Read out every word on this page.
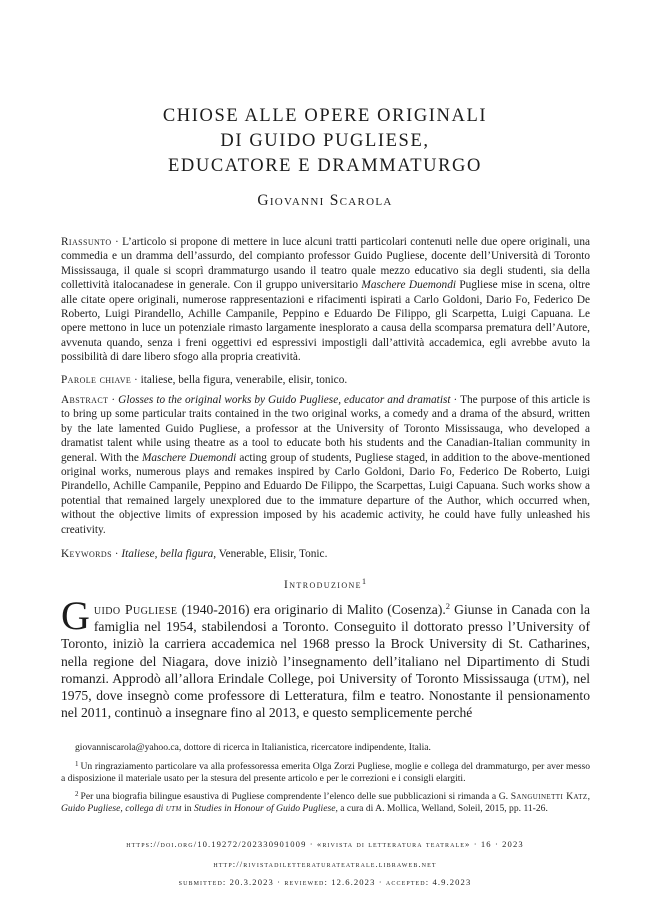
CHIOSE ALLE OPERE ORIGINALI
DI GUIDO PUGLIESE,
EDUCATORE E DRAMMATURGO
Giovanni Scarola
Riassunto · L’articolo si propone di mettere in luce alcuni tratti particolari contenuti nelle due opere originali, una commedia e un dramma dell’assurdo, del compianto professor Guido Pugliese, docente dell’Università di Toronto Mississauga, il quale si scoprì drammaturgo usando il teatro quale mezzo educativo sia degli studenti, sia della collettività italocanadese in generale. Con il gruppo universitario Maschere Duemondi Pugliese mise in scena, oltre alle citate opere originali, numerose rappresentazioni e rifacimenti ispirati a Carlo Goldoni, Dario Fo, Federico De Roberto, Luigi Pirandello, Achille Campanile, Peppino e Eduardo De Filippo, gli Scarpetta, Luigi Capuana. Le opere mettono in luce un potenziale rimasto largamente inesplorato a causa della scomparsa prematura dell’Autore, avvenuta quando, senza i freni oggettivi ed espressivi impostigli dall’attività accademica, egli avrebbe avuto la possibilità di dare libero sfogo alla propria creatività.
Parole chiave · italiese, bella figura, venerabile, elisir, tonico.
Abstract · Glosses to the original works by Guido Pugliese, educator and dramatist · The purpose of this article is to bring up some particular traits contained in the two original works, a comedy and a drama of the absurd, written by the late lamented Guido Pugliese, a professor at the University of Toronto Mississauga, who developed a dramatist talent while using theatre as a tool to educate both his students and the Canadian-Italian community in general. With the Maschere Duemondi acting group of students, Pugliese staged, in addition to the above-mentioned original works, numerous plays and remakes inspired by Carlo Goldoni, Dario Fo, Federico De Roberto, Luigi Pirandello, Achille Campanile, Peppino and Eduardo De Filippo, the Scarpettas, Luigi Capuana. Such works show a potential that remained largely unexplored due to the immature departure of the Author, which occurred when, without the objective limits of expression imposed by his academic activity, he could have fully unleashed his creativity.
Keywords · Italiese, bella figura, Venerable, Elisir, Tonic.
Introduzione$^1$
Guido Pugliese (1940-2016) era originario di Malito (Cosenza).$^2$ Giunse in Canada con la famiglia nel 1954, stabilendosi a Toronto. Conseguito il dottorato presso l’University of Toronto, iniziò la carriera accademica nel 1968 presso la Brock University di St. Catharines, nella regione del Niagara, dove iniziò l’insegnamento dell’italiano nel Dipartimento di Studi romanzi. Approdò all’allora Erindale College, poi University of Toronto Mississauga (utm), nel 1975, dove insegnò come professore di Letteratura, film e teatro. Nonostante il pensionamento nel 2011, continuò a insegnare fino al 2013, e questo semplicemente perché
giovanniscarola@yahoo.ca, dottore di ricerca in Italianistica, ricercatore indipendente, Italia.
$^1$ Un ringraziamento particolare va alla professoressa emerita Olga Zorzi Pugliese, moglie e collega del drammaturgo, per aver messo a disposizione il materiale usato per la stesura del presente articolo e per le correzioni e i consigli elargiti.
$^2$ Per una biografia bilingue esaustiva di Pugliese comprendente l’elenco delle sue pubblicazioni si rimanda a G. Sanguinetti Katz, Guido Pugliese, collega di utm in Studies in Honour of Guido Pugliese, a cura di A. Mollica, Welland, Soleil, 2015, pp. 11-26.
https://doi.org/10.19272/202330901009 · «rivista di letteratura teatrale» · 16 · 2023
http://rivistadiletteraturateatrale.libraweb.net
submitted: 20.3.2023 · reviewed: 12.6.2023 · accepted: 4.9.2023
